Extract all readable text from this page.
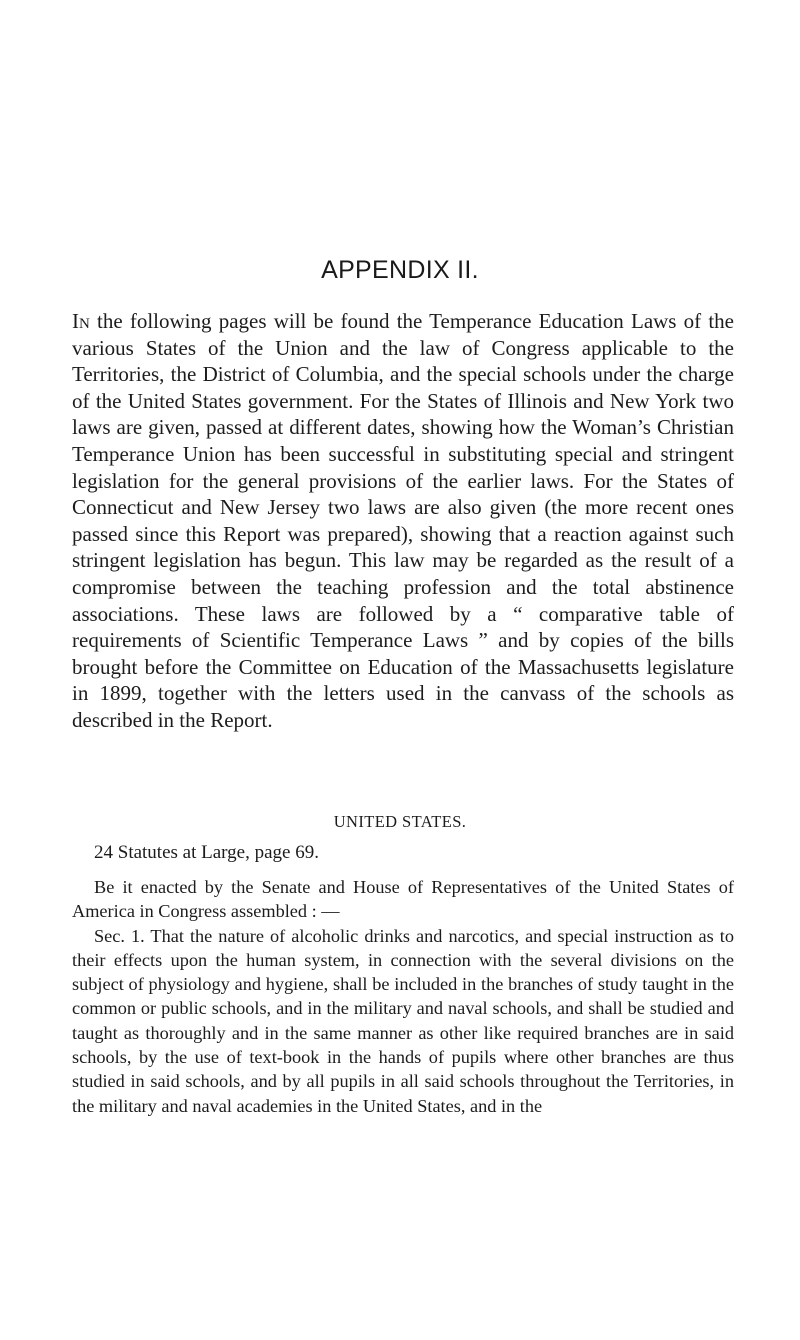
APPENDIX II.

In the following pages will be found the Temperance Education Laws of the various States of the Union and the law of Congress applicable to the Territories, the District of Columbia, and the special schools under the charge of the United States government. For the States of Illinois and New York two laws are given, passed at different dates, showing how the Woman’s Christian Temperance Union has been successful in substituting special and stringent legislation for the general provisions of the earlier laws. For the States of Connecticut and New Jersey two laws are also given (the more recent ones passed since this Report was prepared), showing that a reaction against such stringent legislation has begun. This law may be regarded as the result of a compromise between the teaching profession and the total abstinence associations. These laws are followed by a “ comparative table of requirements of Scientific Temperance Laws ” and by copies of the bills brought before the Committee on Education of the Massachusetts legislature in 1899, together with the letters used in the canvass of the schools as described in the Report.

UNITED STATES.

24 Statutes at Large, page 69.

Be it enacted by the Senate and House of Representatives of the United States of America in Congress assembled : —

Sec. 1. That the nature of alcoholic drinks and narcotics, and special instruction as to their effects upon the human system, in connection with the several divisions on the subject of physiology and hygiene, shall be included in the branches of study taught in the common or public schools, and in the military and naval schools, and shall be studied and taught as thoroughly and in the same manner as other like required branches are in said schools, by the use of text-book in the hands of pupils where other branches are thus studied in said schools, and by all pupils in all said schools throughout the Territories, in the military and naval academies in the United States, and in the
